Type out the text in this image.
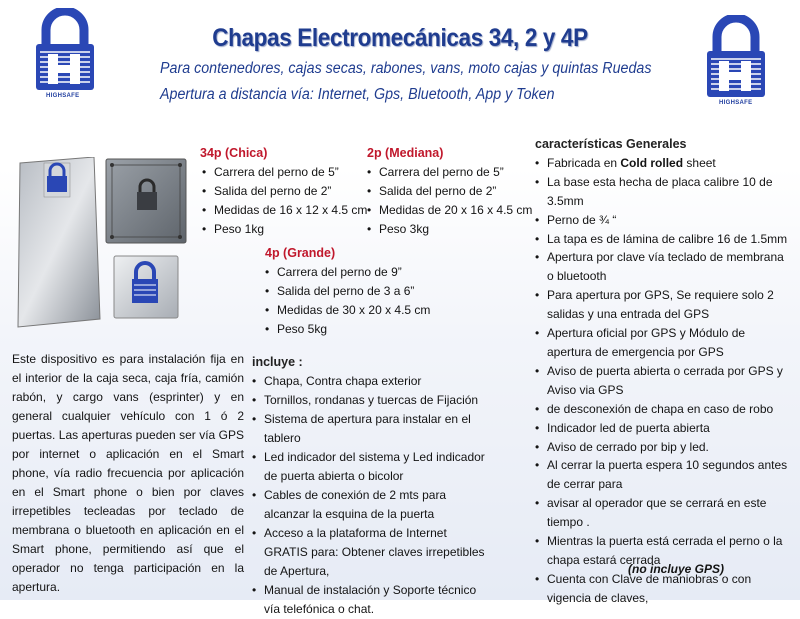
HIGHSAFE
HIGHSAFE
Chapas Electromecánicas 34, 2 y 4P
Para contenedores, cajas secas, rabones, vans, moto cajas y quintas Ruedas
Apertura a distancia vía: Internet, Gps, Bluetooth, App y Token
34p (Chica)
• Carrera del perno de 5”
• Salida del perno de 2”
• Medidas de 16 x 12 x 4.5 cm
• Peso 1kg
2p (Mediana)
• Carrera del perno de 5”
• Salida del perno de 2”
• Medidas de 20 x 16 x 4.5 cm
• Peso 3kg
4p (Grande)
• Carrera del perno de 9”
• Salida del perno de 3 a 6”
• Medidas de 30 x 20 x 4.5 cm
• Peso 5kg
Este dispositivo es para instalación fija en el interior de la caja seca, caja fría, camión rabón, y cargo vans (esprinter) y en general cualquier vehículo con 1 ó 2 puertas. Las aperturas pueden ser vía GPS por internet o aplicación en el Smart phone, vía radio frecuencia por aplicación en el Smart phone o bien por claves irrepetibles tecleadas por teclado de membrana o bluetooth en aplicación en el Smart phone, permitiendo así que el operador no tenga participación en la apertura.
incluye :
• Chapa, Contra chapa exterior
• Tornillos, rondanas y tuercas de Fijación
• Sistema de apertura para instalar en el tablero
• Led indicador del sistema y Led indicador de puerta abierta o bicolor
• Cables de conexión de 2 mts para alcanzar la esquina de la puerta
• Acceso a la plataforma de Internet GRATIS para: Obtener claves irrepetibles de Apertura,
• Manual de instalación y Soporte técnico vía telefónica o chat.
características Generales
• Fabricada en Cold rolled sheet
• La base esta hecha de placa calibre 10 de 3.5mm
• Perno de ¾ “
• La tapa es de lámina de calibre 16 de 1.5mm
• Apertura por clave vía teclado de membrana o bluetooth
• Para apertura por GPS, Se requiere solo 2 salidas y una entrada del GPS
• Apertura oficial por GPS y Módulo de apertura de emergencia por GPS
• Aviso de puerta abierta o cerrada por GPS y Aviso via GPS
• de desconexión de chapa en caso de robo
• Indicador led de puerta abierta
• Aviso de cerrado por bip y led.
• Al cerrar la puerta espera 10 segundos antes de cerrar para
• avisar al operador que se cerrará en este tiempo .
• Mientras la puerta está cerrada el perno o la chapa estará cerrada
• Cuenta con Clave de maniobras o con vigencia de claves,
(no incluye GPS)
